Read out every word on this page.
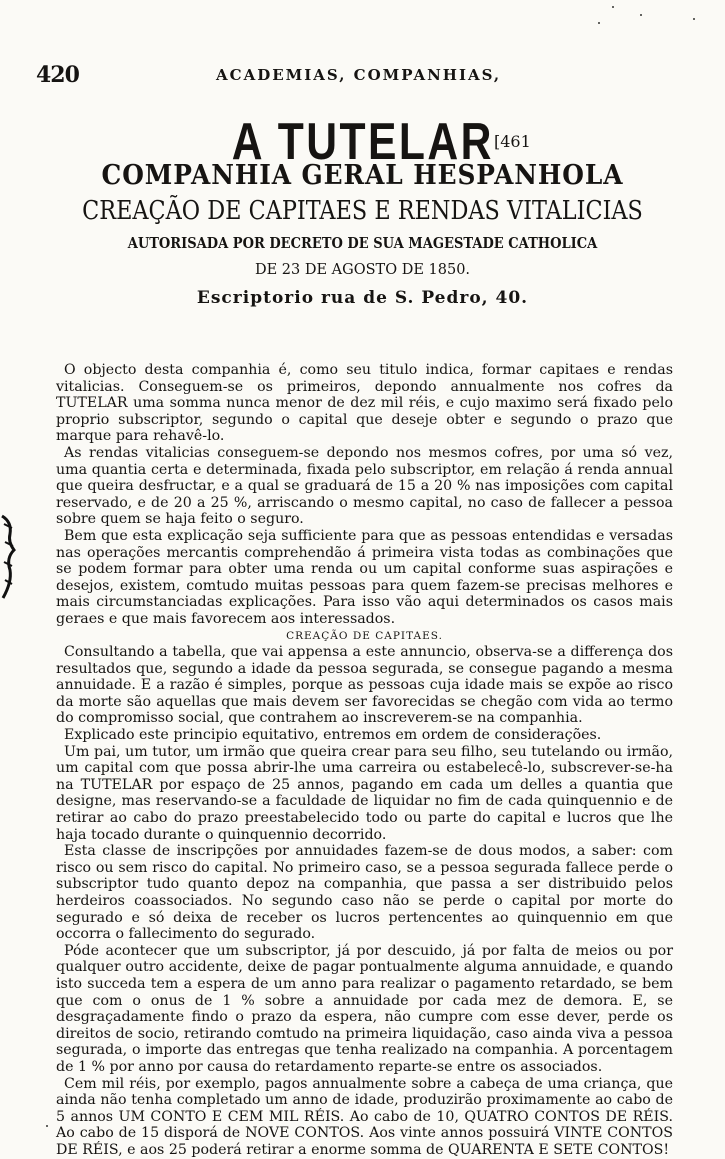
420	ACADEMIAS, COMPANHIAS,
A TUTELAR [461
COMPANHIA GERAL HESPANHOLA
CREAÇÃO DE CAPITAES E RENDAS VITALICIAS
AUTORISADA POR DECRETO DE SUA MAGESTADE CATHOLICA
DE 23 DE AGOSTO DE 1850.
Escriptorio rua de S. Pedro, 40.

O objecto desta companhia é, como seu titulo indica, formar capitaes e rendas vitalicias. Conseguem-se os primeiros, depondo annualmente nos cofres da TUTELAR uma somma nunca menor de dez mil réis, e cujo maximo será fixado pelo proprio subscriptor, segundo o capital que deseje obter e segundo o prazo que marque para rehavê-lo.

As rendas vitalicias conseguem-se depondo nos mesmos cofres, por uma só vez, uma quantia certa e determinada, fixada pelo subscriptor, em relação á renda annual que queira desfructar, e a qual se graduará de 15 a 20 % nas imposições com capital reservado, e de 20 a 25 %, arriscando o mesmo capital, no caso de fallecer a pessoa sobre quem se haja feito o seguro.

Bem que esta explicação seja sufficiente para que as pessoas entendidas e versadas nas operações mercantis comprehendão á primeira vista todas as combinações que se podem formar para obter uma renda ou um capital conforme suas aspirações e desejos, existem, comtudo muitas pessoas para quem fazem-se precisas melhores e mais circumstanciadas explicações. Para isso vão aqui determinados os casos mais geraes e que mais favorecem aos interessados.

CREAÇÃO DE CAPITAES.

Consultando a tabella, que vai appensa a este annuncio, observa-se a differença dos resultados que, segundo a idade da pessoa segurada, se consegue pagando a mesma annuidade. E a razão é simples, porque as pessoas cuja idade mais se expõe ao risco da morte são aquellas que mais devem ser favorecidas se chegão com vida ao termo do compromisso social, que contrahem ao inscreverem-se na companhia.

Explicado este principio equitativo, entremos em ordem de considerações.

Um pai, um tutor, um irmão que queira crear para seu filho, seu tutelando ou irmão, um capital com que possa abrir-lhe uma carreira ou estabelecê-lo, subscrever-se-ha na TUTELAR por espaço de 25 annos, pagando em cada um delles a quantia que designe, mas reservando-se a faculdade de liquidar no fim de cada quinquennio e de retirar ao cabo do prazo preestabelecido todo ou parte do capital e lucros que lhe haja tocado durante o quinquennio decorrido.

Esta classe de inscripções por annuidades fazem-se de dous modos, a saber: com risco ou sem risco do capital. No primeiro caso, se a pessoa segurada fallece perde o subscriptor tudo quanto depoz na companhia, que passa a ser distribuido pelos herdeiros coassociados. No segundo caso não se perde o capital por morte do segurado e só deixa de receber os lucros pertencentes ao quinquennio em que occorra o fallecimento do segurado.

Póde acontecer que um subscriptor, já por descuido, já por falta de meios ou por qualquer outro accidente, deixe de pagar pontualmente alguma annuidade, e quando isto succeda tem a espera de um anno para realizar o pagamento retardado, se bem que com o onus de 1 % sobre a annuidade por cada mez de demora. E, se desgraçadamente findo o prazo da espera, não cumpre com esse dever, perde os direitos de socio, retirando comtudo na primeira liquidação, caso ainda viva a pessoa segurada, o importe das entregas que tenha realizado na companhia. A porcentagem de 1 % por anno por causa do retardamento reparte-se entre os associados.

Cem mil réis, por exemplo, pagos annualmente sobre a cabeça de uma criança, que ainda não tenha completado um anno de idade, produzirão proximamente ao cabo de 5 annos UM CONTO E CEM MIL RÉIS. Ao cabo de 10, QUATRO CONTOS DE RÉIS. Ao cabo de 15 disporá de NOVE CONTOS. Aos vinte annos possuirá VINTE CONTOS DE RÉIS, e aos 25 poderá retirar a enorme somma de QUARENTA E SETE CONTOS!
